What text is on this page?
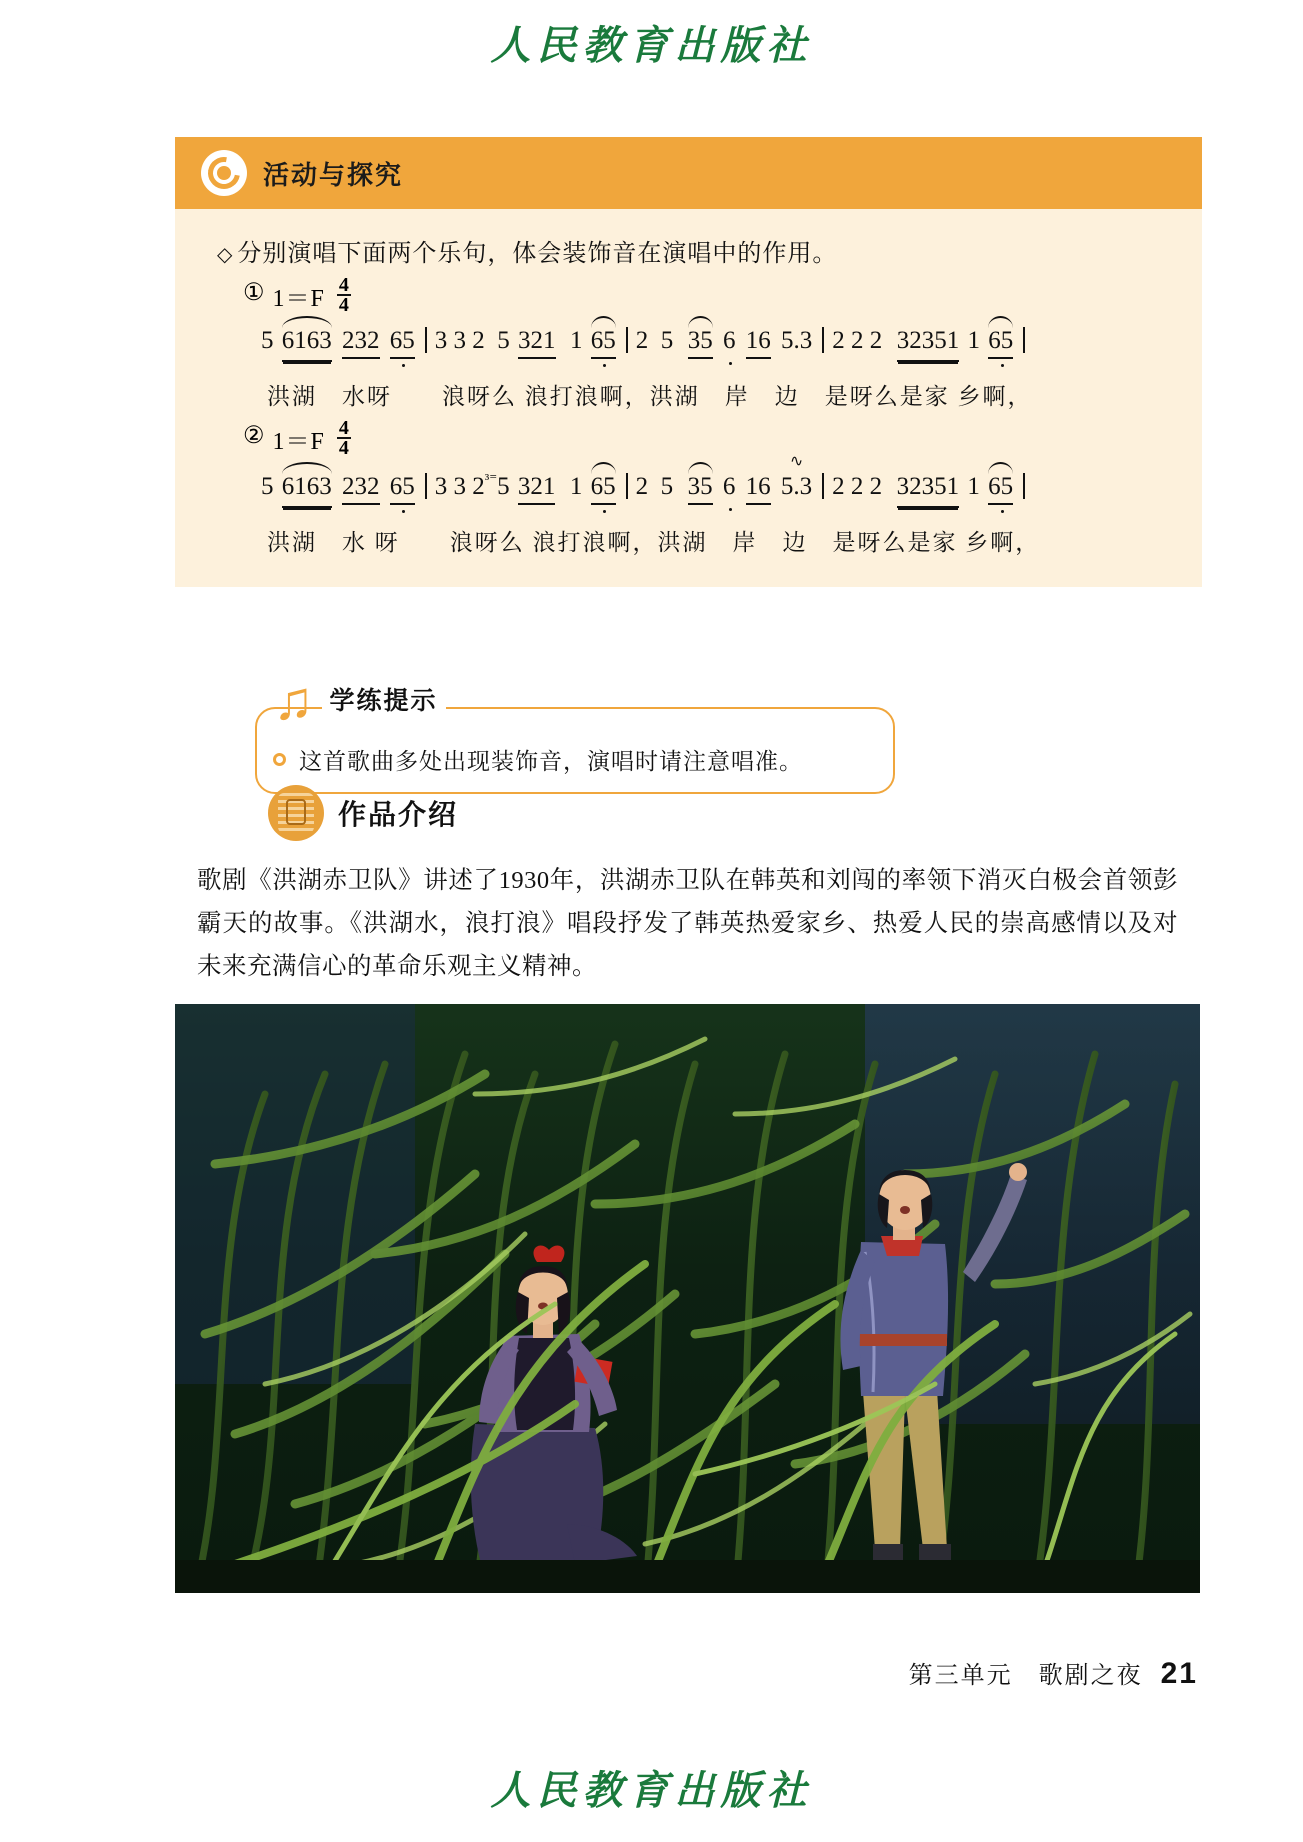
人民教育出版社
活动与探究
◇ 分别演唱下面两个乐句，体会装饰音在演唱中的作用。
① $1=F \frac{4}{4}$
5 6163 232 65 3 3 2  5 321  1 65 2  5  35 6 16 5.3 2 2 2  32351 1 65
洪湖　水呀　　浪呀么 浪打浪啊，洪湖　岸　边　是呀么是家 乡啊，
② $1=F \frac{4}{4}$
5 6163 232 65 3 3 $2^{^{3=}}5$ 321  1 65 2  5  35 6 16 5.3
∿
2 2 2  32351 1 65
洪湖　水 呀　　浪呀么 浪打浪啊，洪湖　岸　边　是呀么是家 乡啊，
♫ 学练提示
这首歌曲多处出现装饰音，演唱时请注意唱准。
作品介绍
歌剧《洪湖赤卫队》讲述了1930年，洪湖赤卫队在韩英和刘闯的率领下消灭白极会首领彭霸天的故事。《洪湖水，浪打浪》唱段抒发了韩英热爱家乡、热爱人民的崇高感情以及对未来充满信心的革命乐观主义精神。
第三单元　歌剧之夜 21
人民教育出版社
